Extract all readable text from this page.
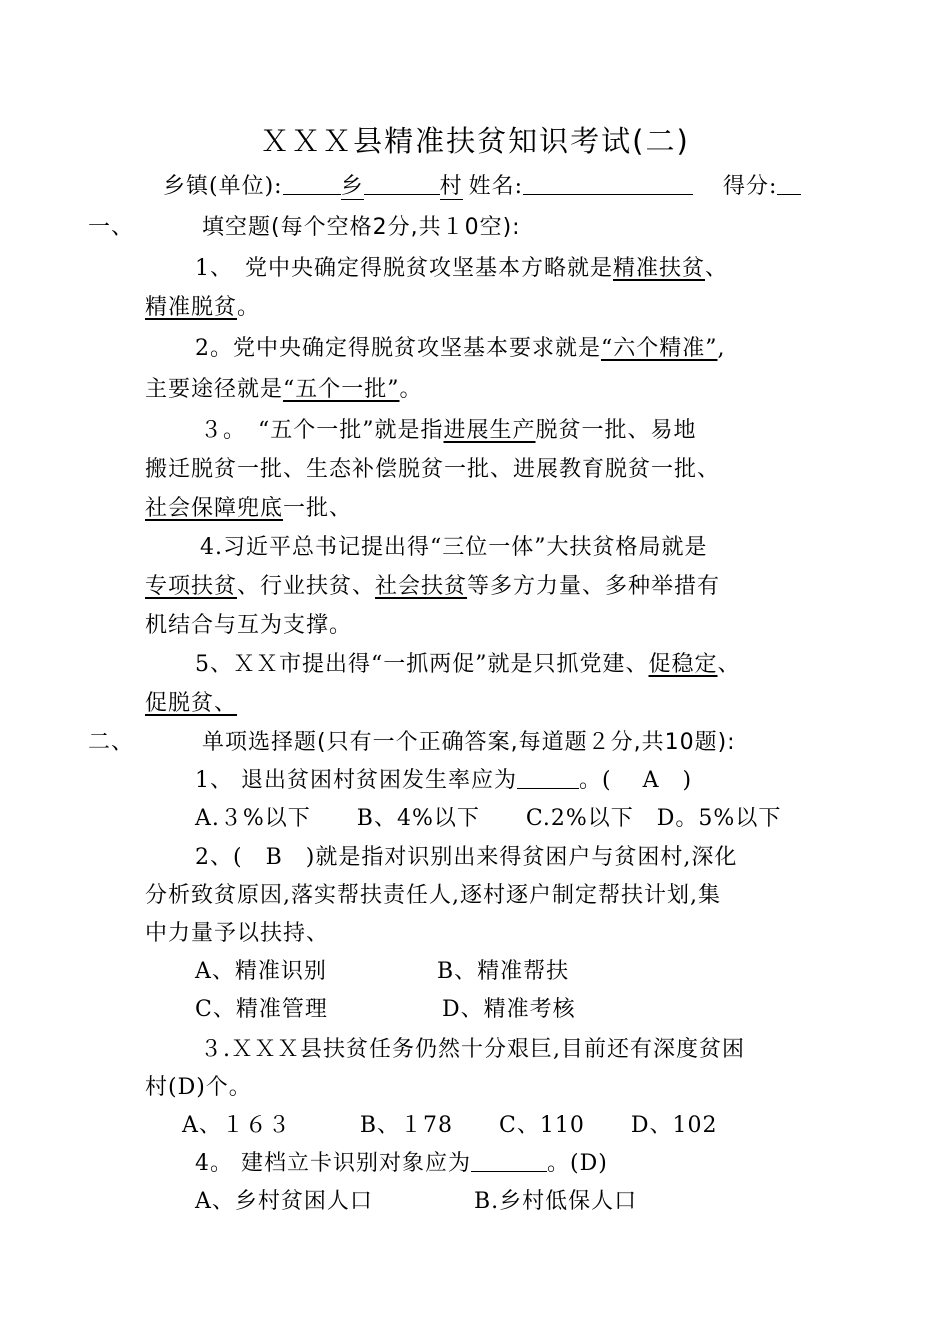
ＸＸＸ县精准扶贫知识考试(二)
乡镇(单位):	乡	村 姓名:	得分:
一、	填空题(每个空格2分,共１0空):
1、　党中央确定得脱贫攻坚基本方略就是精准扶贫、
精准脱贫。
2。党中央确定得脱贫攻坚基本要求就是“六个精准”,
主要途径就是“五个一批”。
３。　“五个一批”就是指进展生产脱贫一批、易地
搬迁脱贫一批、生态补偿脱贫一批、进展教育脱贫一批、
社会保障兜底一批、
4.习近平总书记提出得“三位一体”大扶贫格局就是
专项扶贫、行业扶贫、社会扶贫等多方力量、多种举措有
机结合与互为支撑。
5、ＸＸ市提出得“一抓两促”就是只抓党建、促稳定、
促脱贫、
二、	单项选择题(只有一个正确答案,每道题２分,共10题):
1、 退出贫困村贫困发生率应为	。(　 A　)
A.３%以下　　B、4%以下　　C.2%以下　D。5%以下
2、(　B　)就是指对识别出来得贫困户与贫困村,深化
分析致贫原因,落实帮扶责任人,逐村逐户制定帮扶计划,集
中力量予以扶持、
A、精准识别	B、精准帮扶
C、精准管理	D、精准考核
３.ＸＸＸ县扶贫任务仍然十分艰巨,目前还有深度贫困
村(D)个。
A、１６３　　　B、１78　　C、110　　D、102
4。 建档立卡识别对象应为	。(D)
A、乡村贫困人口	B.乡村低保人口
